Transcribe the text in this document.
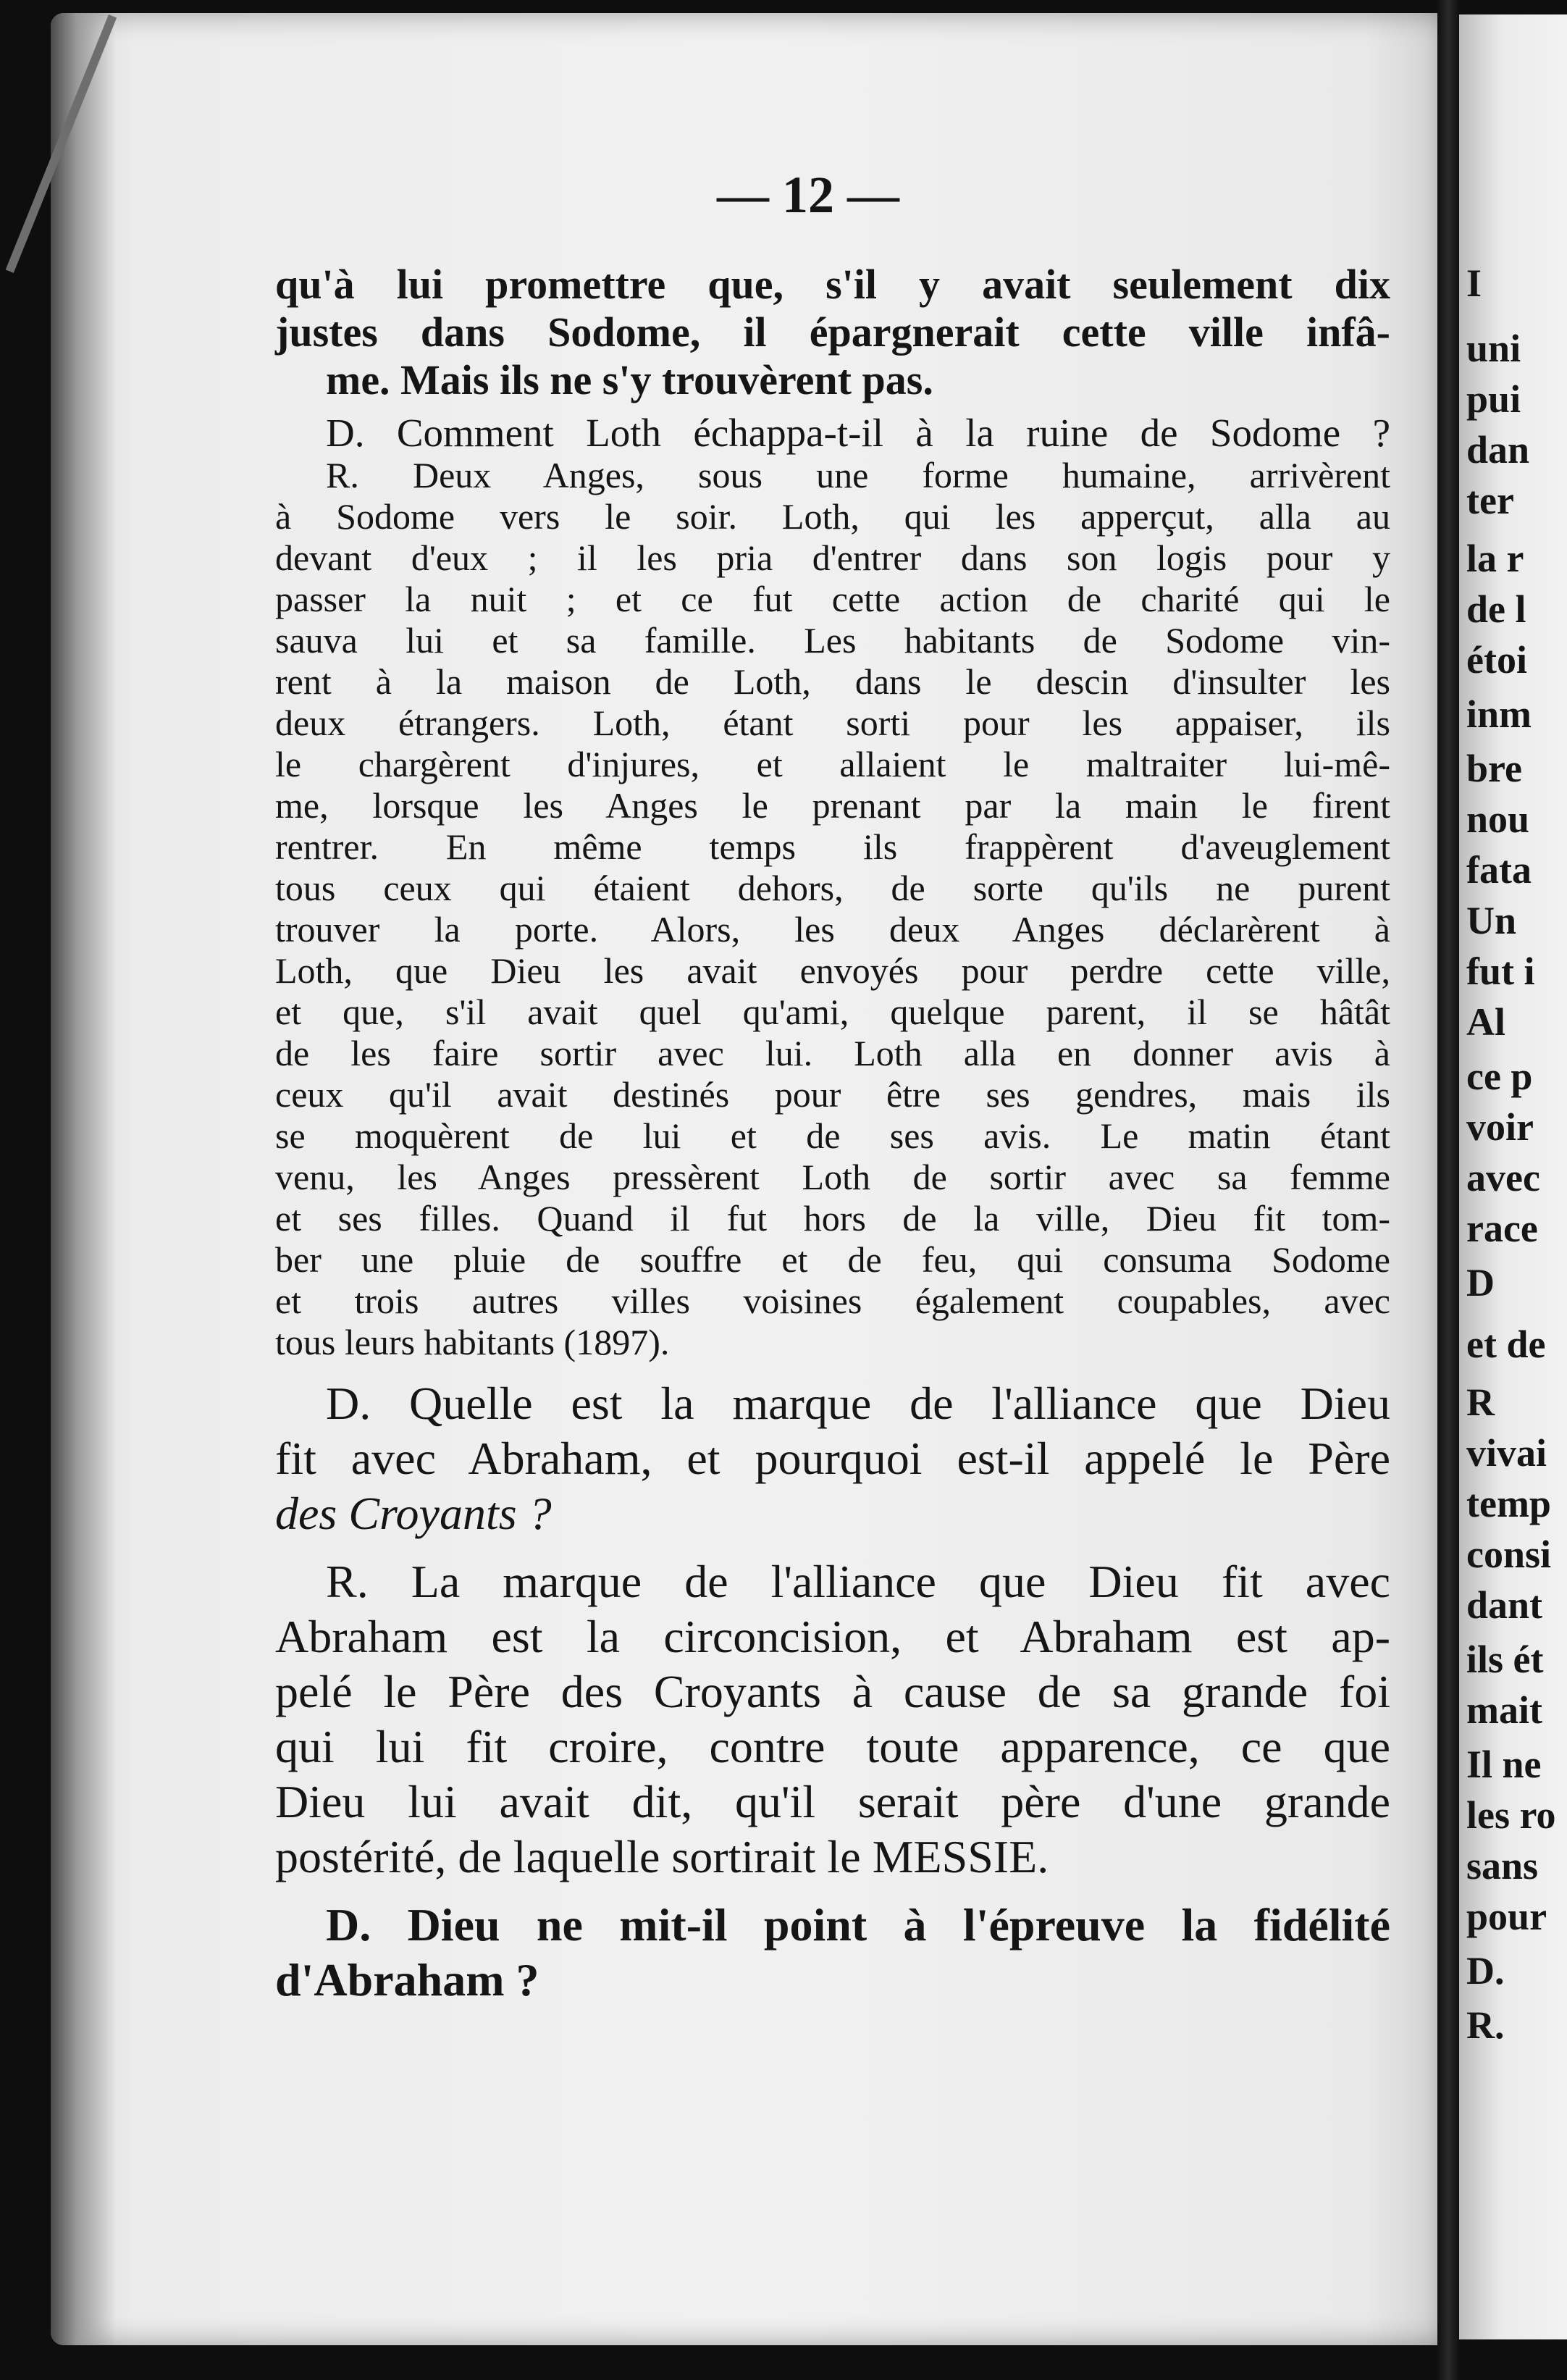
I
uni
pui
dan
ter
la r
de l
étoi
inm
bre
nou
fata
Un
fut i
Al
ce p
voir
avec
race
D
et de
R
vivai
temp
consi
dant
ils ét
mait
Il ne
les ro
sans
pour
D.
R.
— 12 —
qu'à lui promettre que, s'il y avait seulement dix
justes dans Sodome, il épargnerait cette ville infâ-
me. Mais ils ne s'y trouvèrent pas.
D. Comment Loth échappa-t-il à la ruine de Sodome ?
R. Deux Anges, sous une forme humaine, arrivèrent
à Sodome vers le soir. Loth, qui les apperçut, alla au
devant d'eux ; il les pria d'entrer dans son logis pour y
passer la nuit ; et ce fut cette action de charité qui le
sauva lui et sa famille. Les habitants de Sodome vin-
rent à la maison de Loth, dans le descin d'insulter les
deux étrangers. Loth, étant sorti pour les appaiser, ils
le chargèrent d'injures, et allaient le maltraiter lui-mê-
me, lorsque les Anges le prenant par la main le firent
rentrer. En même temps ils frappèrent d'aveuglement
tous ceux qui étaient dehors, de sorte qu'ils ne purent
trouver la porte. Alors, les deux Anges déclarèrent à
Loth, que Dieu les avait envoyés pour perdre cette ville,
et que, s'il avait quel qu'ami, quelque parent, il se hâtât
de les faire sortir avec lui. Loth alla en donner avis à
ceux qu'il avait destinés pour être ses gendres, mais ils
se moquèrent de lui et de ses avis. Le matin étant
venu, les Anges pressèrent Loth de sortir avec sa femme
et ses filles. Quand il fut hors de la ville, Dieu fit tom-
ber une pluie de souffre et de feu, qui consuma Sodome
et trois autres villes voisines également coupables, avec
tous leurs habitants (1897).
D. Quelle est la marque de l'alliance que Dieu
fit avec Abraham, et pourquoi est-il appelé le Père
des Croyants ?
R. La marque de l'alliance que Dieu fit avec
Abraham est la circoncision, et Abraham est ap-
pelé le Père des Croyants à cause de sa grande foi
qui lui fit croire, contre toute apparence, ce que
Dieu lui avait dit, qu'il serait père d'une grande
postérité, de laquelle sortirait le MESSIE.
D. Dieu ne mit-il point à l'épreuve la fidélité
d'Abraham ?
